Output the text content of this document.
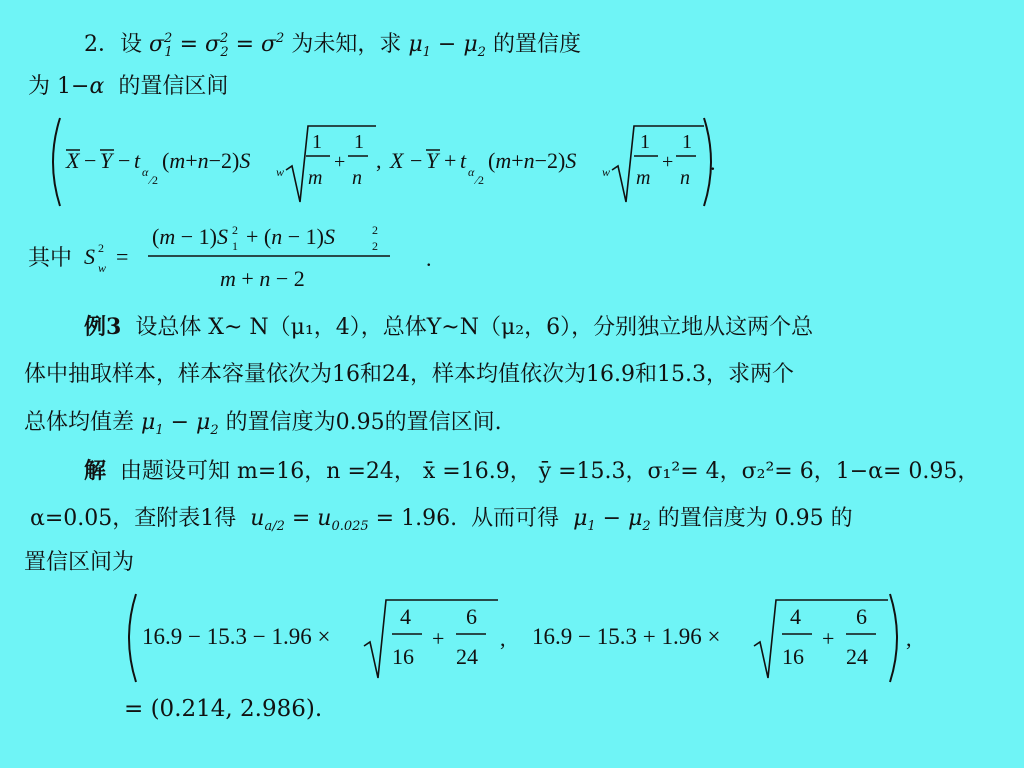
2．设 $\sigma^2_1 = \sigma^2_2 = \sigma^2$ 为未知，求 $\mu_1 - \mu_2$ 的置信度
为 1−α 的置信区间
X − Y − t α
⁄2
(m+n−2)S w
1
m
+
1
n
, X − Y + t α
⁄2
(m+n−2)S w
1
m
+
1
n
.
其中 S 2
w =
(m − 1)S 2
1 + (n − 1)S	2
2
m + n − 2
.
例3 设总体 X~ N（μ₁，4），总体Y~N（μ₂，6），分别独立地从这两个总
体中抽取样本，样本容量依次为16和24，样本均值依次为16.9和15.3，求两个
总体均值差 $\mu_1 - \mu_2$ 的置信度为0.95的置信区间.
解 由题设可知 m=16，n =24， x̄ =16.9， ȳ =15.3，σ₁²= 4，σ₂²= 6，1−α= 0.95，
α=0.05，查附表1得 $u_{a/2} = u_{0.025} = 1.96$. 从而可得 $\mu_1 - \mu_2$ 的置信度为 0.95 的
置信区间为
16.9 − 15.3 − 1.96 ×
4
16
+
6
24
, 16.9 − 15.3 + 1.96 ×
4
16
+
6
24
,
= (0.214, 2.986).
